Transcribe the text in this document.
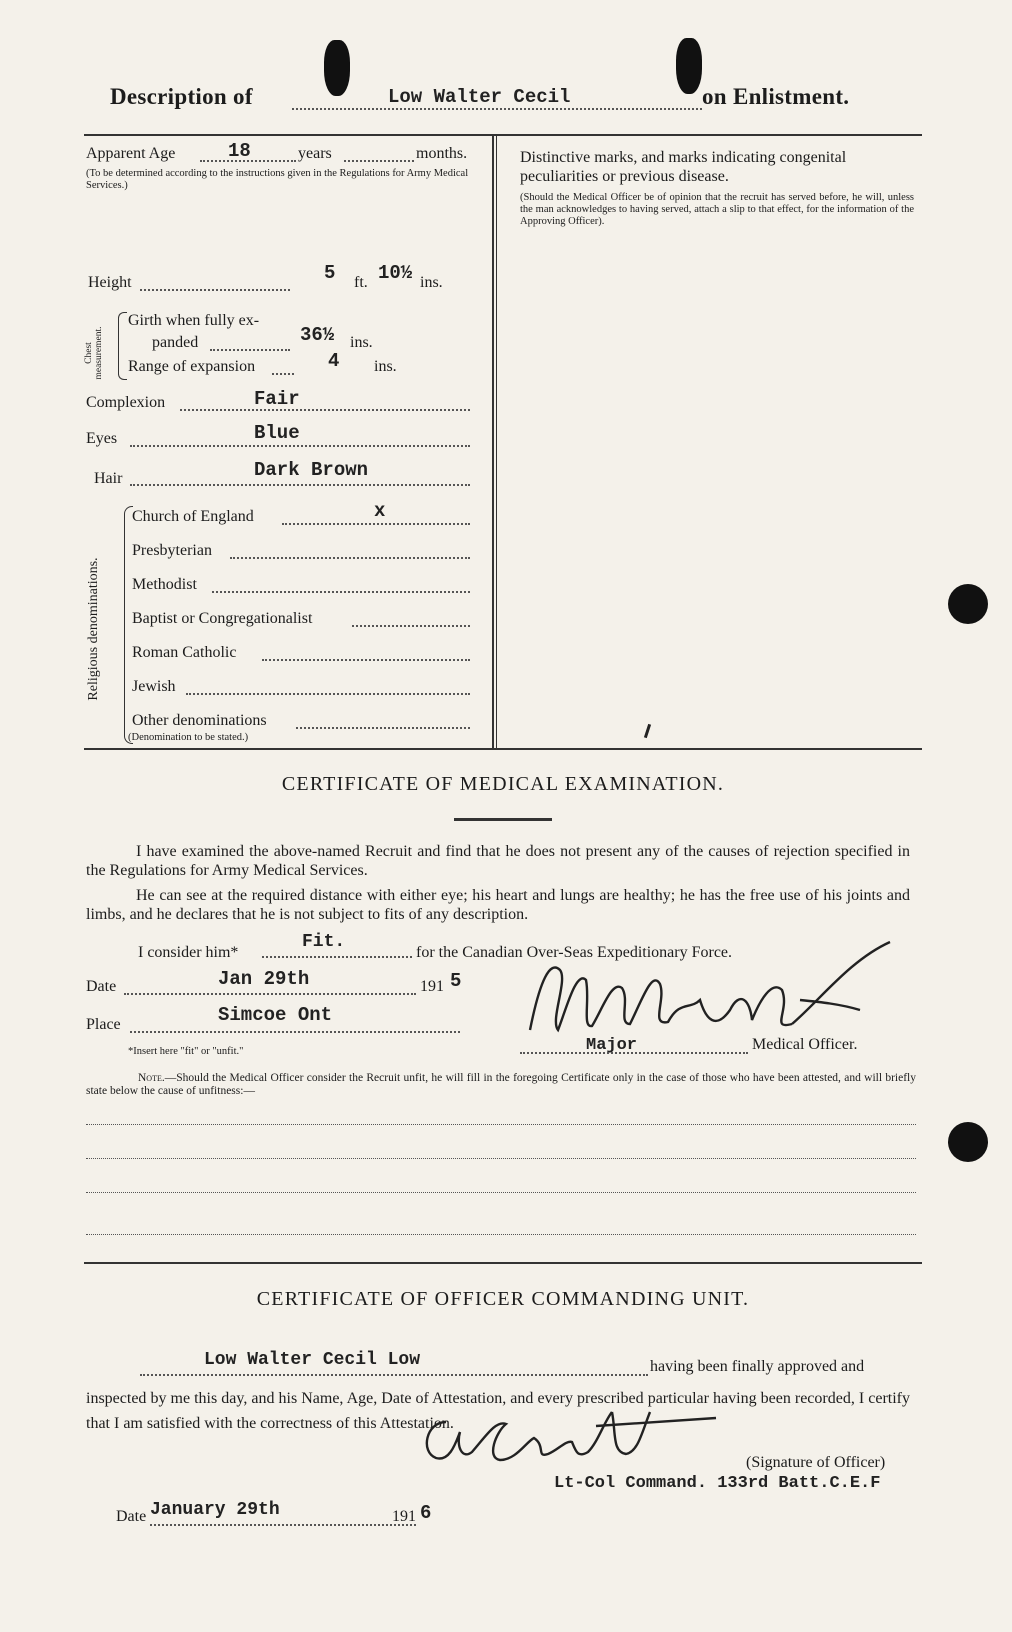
Description of	Low Walter Cecil	on Enlistment.
Apparent Age	18	years	months.
(To be determined according to the instructions given in the Regulations for Army Medical Services.)
Height	5 ft. 10½ ins.
Chest measurement.
Girth when fully ex-
panded	36½ ins.
Range of expansion	4 ins.
Complexion	Fair
Eyes	Blue
Hair	Dark Brown
Religious denominations.
Church of England	x
Presbyterian
Methodist
Baptist or Congregationalist
Roman Catholic
Jewish
Other denominations
(Denomination to be stated.)
Distinctive marks, and marks indicating congenital peculiarities or previous disease.
(Should the Medical Officer be of opinion that the recruit has served before, he will, unless the man acknowledges to having served, attach a slip to that effect, for the information of the Approving Officer).
CERTIFICATE OF MEDICAL EXAMINATION.
I have examined the above-named Recruit and find that he does not present any of the causes of rejection specified in the Regulations for Army Medical Services.
He can see at the required distance with either eye; his heart and lungs are healthy; he has the free use of his joints and limbs, and he declares that he is not subject to fits of any description.
I consider him*
Fit.
for the Canadian Over-Seas Expeditionary Force.
Date	Jan 29th	191 5
Place	Simcoe Ont
*Insert here "fit" or "unfit."	Major	Medical Officer.
Note.—Should the Medical Officer consider the Recruit unfit, he will fill in the foregoing Certificate only in the case of those who have been attested, and will briefly state below the cause of unfitness:—
CERTIFICATE OF OFFICER COMMANDING UNIT.
Low Walter Cecil Low	having been finally approved and
inspected by me this day, and his Name, Age, Date of Attestation, and every prescribed particular having been recorded, I certify that I am satisfied with the correctness of this Attestation.
(Signature of Officer)
Lt-Col Command. 133rd Batt.C.E.F
Date January 29th	191 6
